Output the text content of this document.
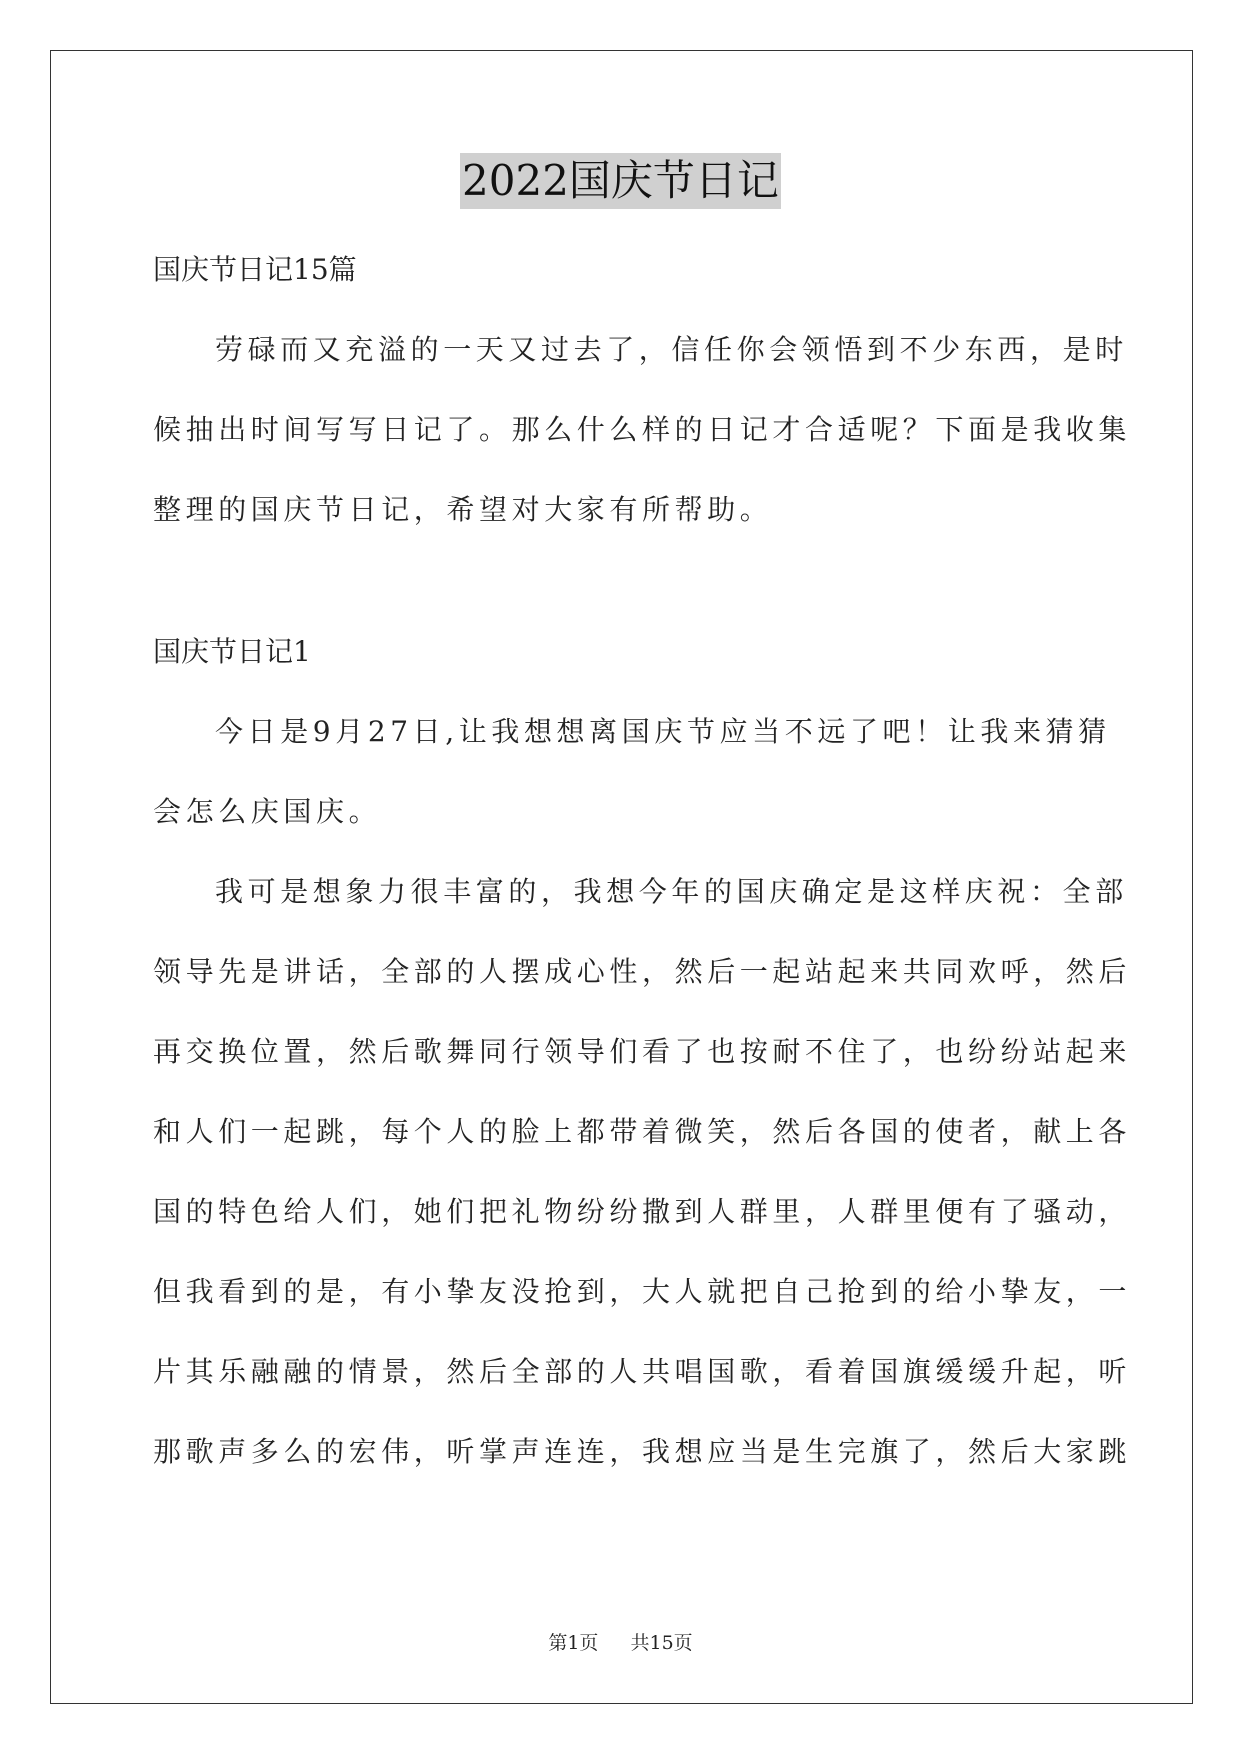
2022国庆节日记
国庆节日记15篇
劳碌而又充溢的一天又过去了，信任你会领悟到不少东西，是时
候抽出时间写写日记了。那么什么样的日记才合适呢？下面是我收集
整理的国庆节日记，希望对大家有所帮助。
国庆节日记1
今日是9月27日,让我想想离国庆节应当不远了吧！让我来猜猜
会怎么庆国庆。
我可是想象力很丰富的，我想今年的国庆确定是这样庆祝：全部
领导先是讲话，全部的人摆成心性，然后一起站起来共同欢呼，然后
再交换位置，然后歌舞同行领导们看了也按耐不住了，也纷纷站起来
和人们一起跳，每个人的脸上都带着微笑，然后各国的使者，献上各
国的特色给人们，她们把礼物纷纷撒到人群里，人群里便有了骚动，
但我看到的是，有小挚友没抢到，大人就把自己抢到的给小挚友，一
片其乐融融的情景，然后全部的人共唱国歌，看着国旗缓缓升起，听
那歌声多么的宏伟，听掌声连连，我想应当是生完旗了，然后大家跳
第1页 共15页
